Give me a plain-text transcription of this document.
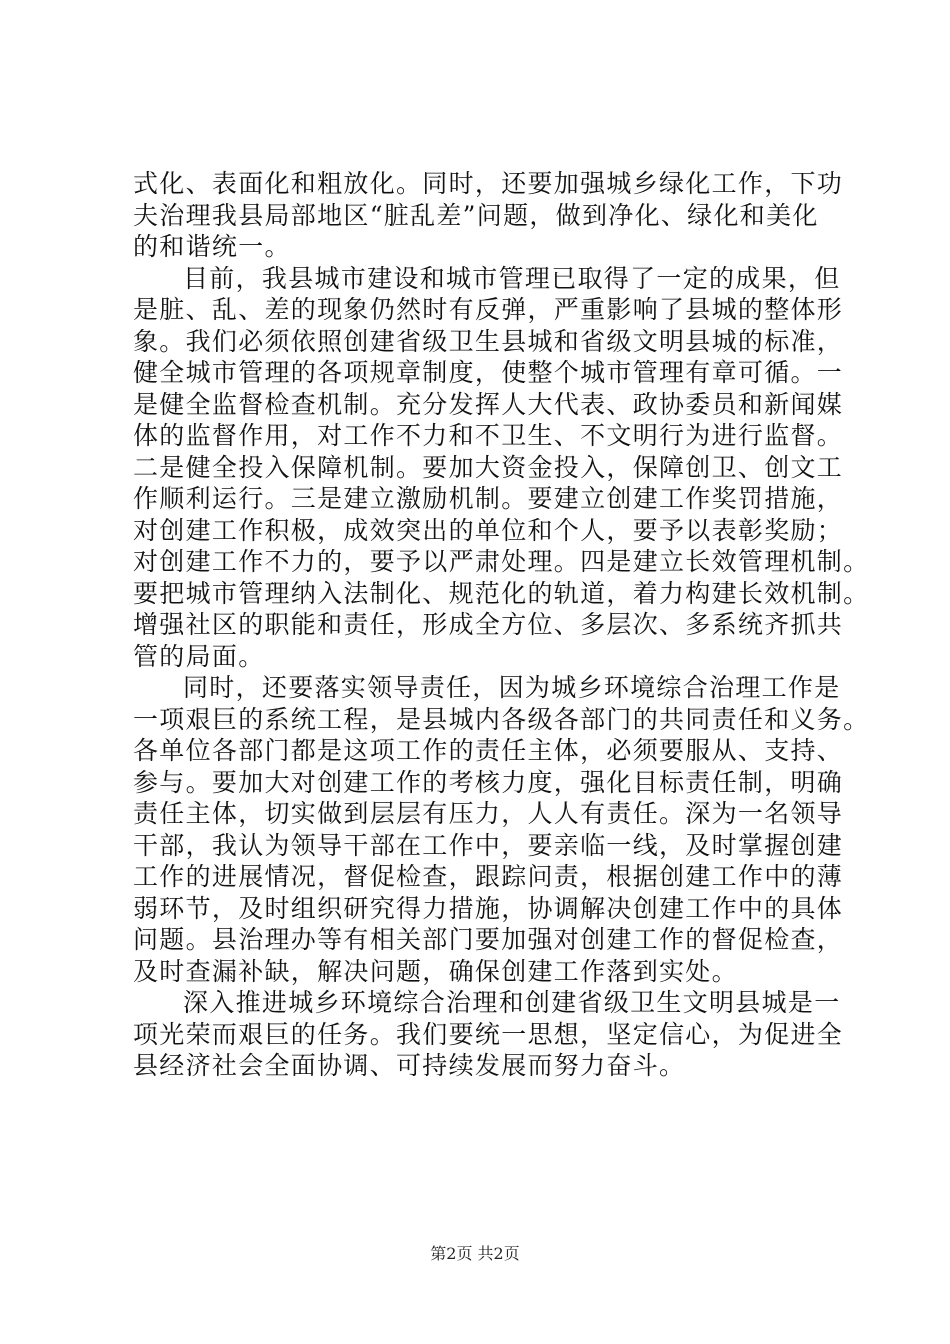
式化、表面化和粗放化。同时，还要加强城乡绿化工作，下功
夫治理我县局部地区“脏乱差”问题，做到净化、绿化和美化
的和谐统一。
目前，我县城市建设和城市管理已取得了一定的成果，但
是脏、乱、差的现象仍然时有反弹，严重影响了县城的整体形
象。我们必须依照创建省级卫生县城和省级文明县城的标准，
健全城市管理的各项规章制度，使整个城市管理有章可循。一
是健全监督检查机制。充分发挥人大代表、政协委员和新闻媒
体的监督作用，对工作不力和不卫生、不文明行为进行监督。
二是健全投入保障机制。要加大资金投入，保障创卫、创文工
作顺利运行。三是建立激励机制。要建立创建工作奖罚措施，
对创建工作积极，成效突出的单位和个人，要予以表彰奖励；
对创建工作不力的，要予以严肃处理。四是建立长效管理机制。
要把城市管理纳入法制化、规范化的轨道，着力构建长效机制。
增强社区的职能和责任，形成全方位、多层次、多系统齐抓共
管的局面。
同时，还要落实领导责任，因为城乡环境综合治理工作是
一项艰巨的系统工程，是县城内各级各部门的共同责任和义务。
各单位各部门都是这项工作的责任主体，必须要服从、支持、
参与。要加大对创建工作的考核力度，强化目标责任制，明确
责任主体，切实做到层层有压力，人人有责任。深为一名领导
干部，我认为领导干部在工作中，要亲临一线，及时掌握创建
工作的进展情况，督促检查，跟踪问责，根据创建工作中的薄
弱环节，及时组织研究得力措施，协调解决创建工作中的具体
问题。县治理办等有相关部门要加强对创建工作的督促检查，
及时查漏补缺，解决问题，确保创建工作落到实处。
深入推进城乡环境综合治理和创建省级卫生文明县城是一
项光荣而艰巨的任务。我们要统一思想，坚定信心，为促进全
县经济社会全面协调、可持续发展而努力奋斗。
第2页 共2页
